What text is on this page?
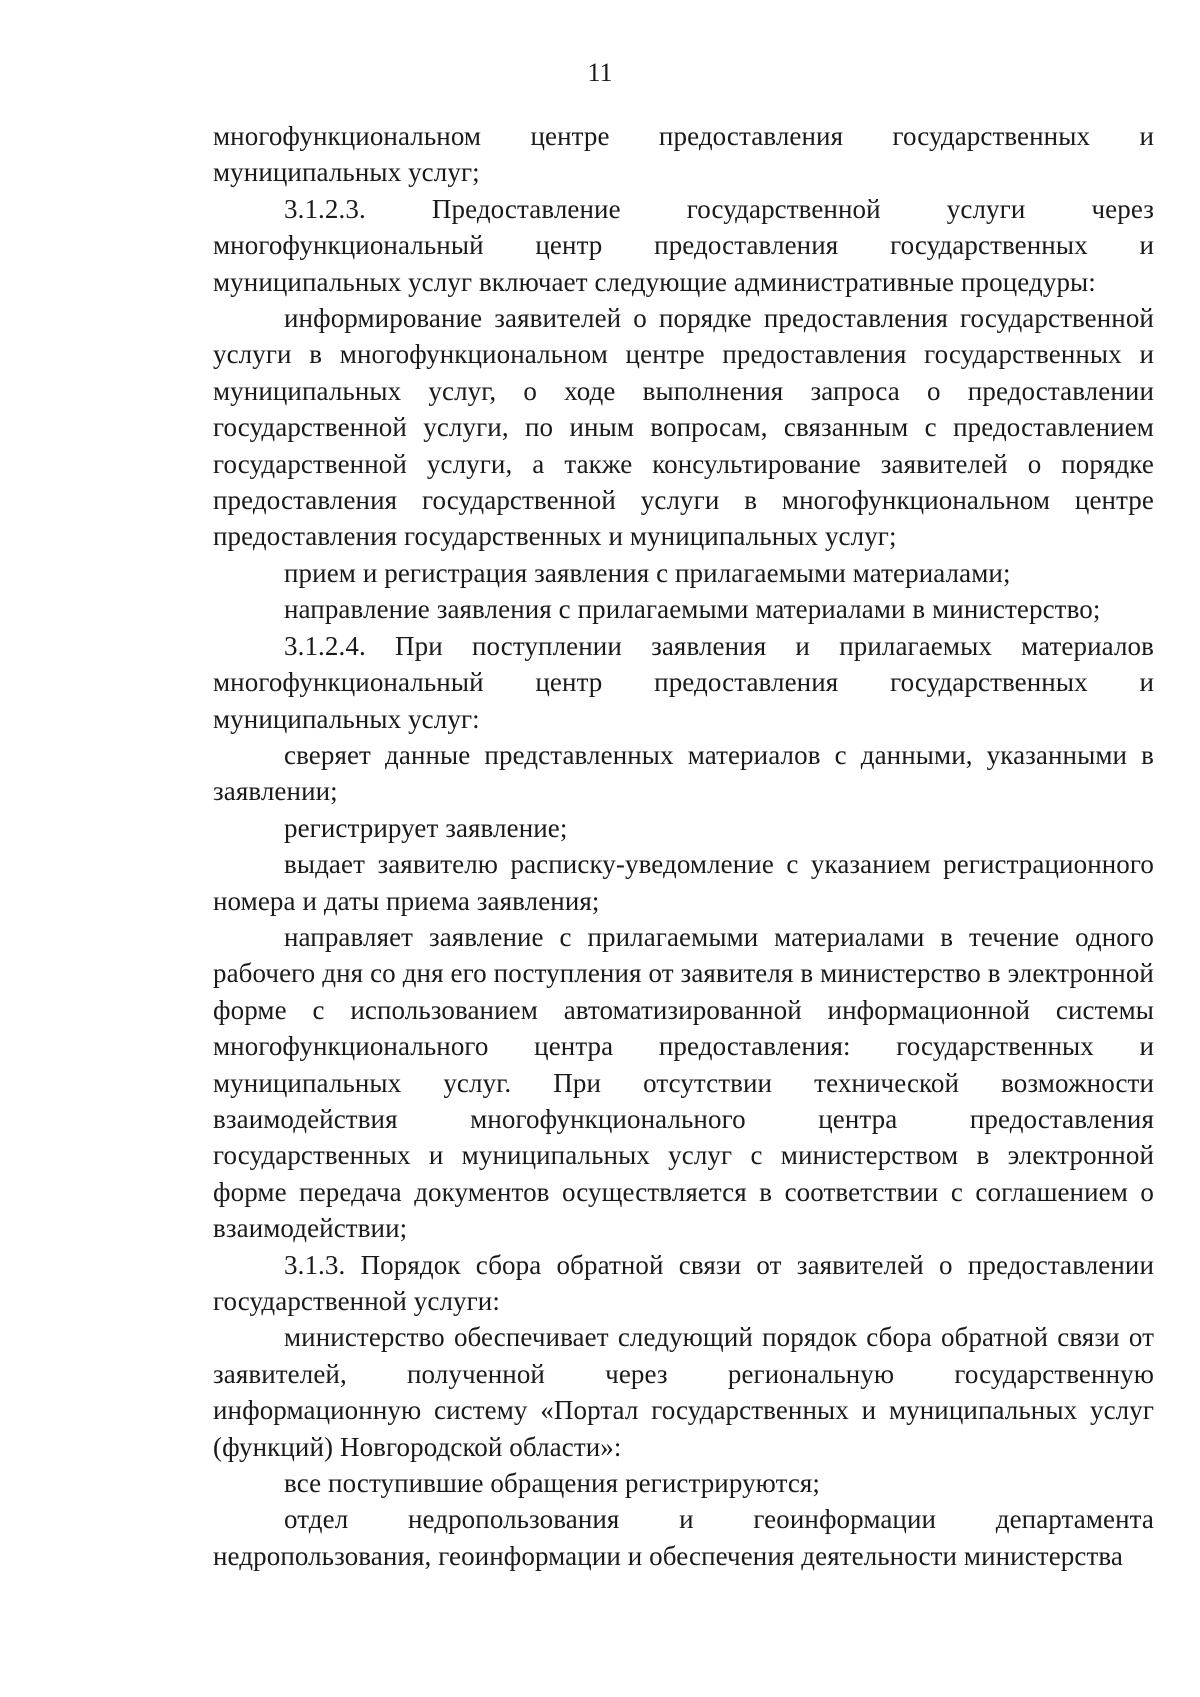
11

многофункциональном центре предоставления государственных и муниципальных услуг;

3.1.2.3. Предоставление государственной услуги через многофункциональный центр предоставления государственных и муниципальных услуг включает следующие административные процедуры:

информирование заявителей о порядке предоставления государственной услуги в многофункциональном центре предоставления государственных и муниципальных услуг, о ходе выполнения запроса о предоставлении государственной услуги, по иным вопросам, связанным с предоставлением государственной услуги, а также консультирование заявителей о порядке предоставления государственной услуги в многофункциональном центре предоставления государственных и муниципальных услуг;

прием и регистрация заявления с прилагаемыми материалами;

направление заявления с прилагаемыми материалами в министерство;

3.1.2.4. При поступлении заявления и прилагаемых материалов многофункциональный центр предоставления государственных и муниципальных услуг:

сверяет данные представленных материалов с данными, указанными в заявлении;

регистрирует заявление;

выдает заявителю расписку-уведомление с указанием регистрационного номера и даты приема заявления;

направляет заявление с прилагаемыми материалами в течение одного рабочего дня со дня его поступления от заявителя в министерство в электронной форме с использованием автоматизированной информационной системы многофункционального центра предоставления: государственных и муниципальных услуг. При отсутствии технической возможности взаимодействия многофункционального центра предоставления государственных и муниципальных услуг с министерством в электронной форме передача документов осуществляется в соответствии с соглашением о взаимодействии;

3.1.3. Порядок сбора обратной связи от заявителей о предоставлении государственной услуги:

министерство обеспечивает следующий порядок сбора обратной связи от заявителей, полученной через региональную государственную информационную систему «Портал государственных и муниципальных услуг (функций) Новгородской области»:

все поступившие обращения регистрируются;

отдел недропользования и геоинформации департамента недропользования, геоинформации и обеспечения деятельности министерства
